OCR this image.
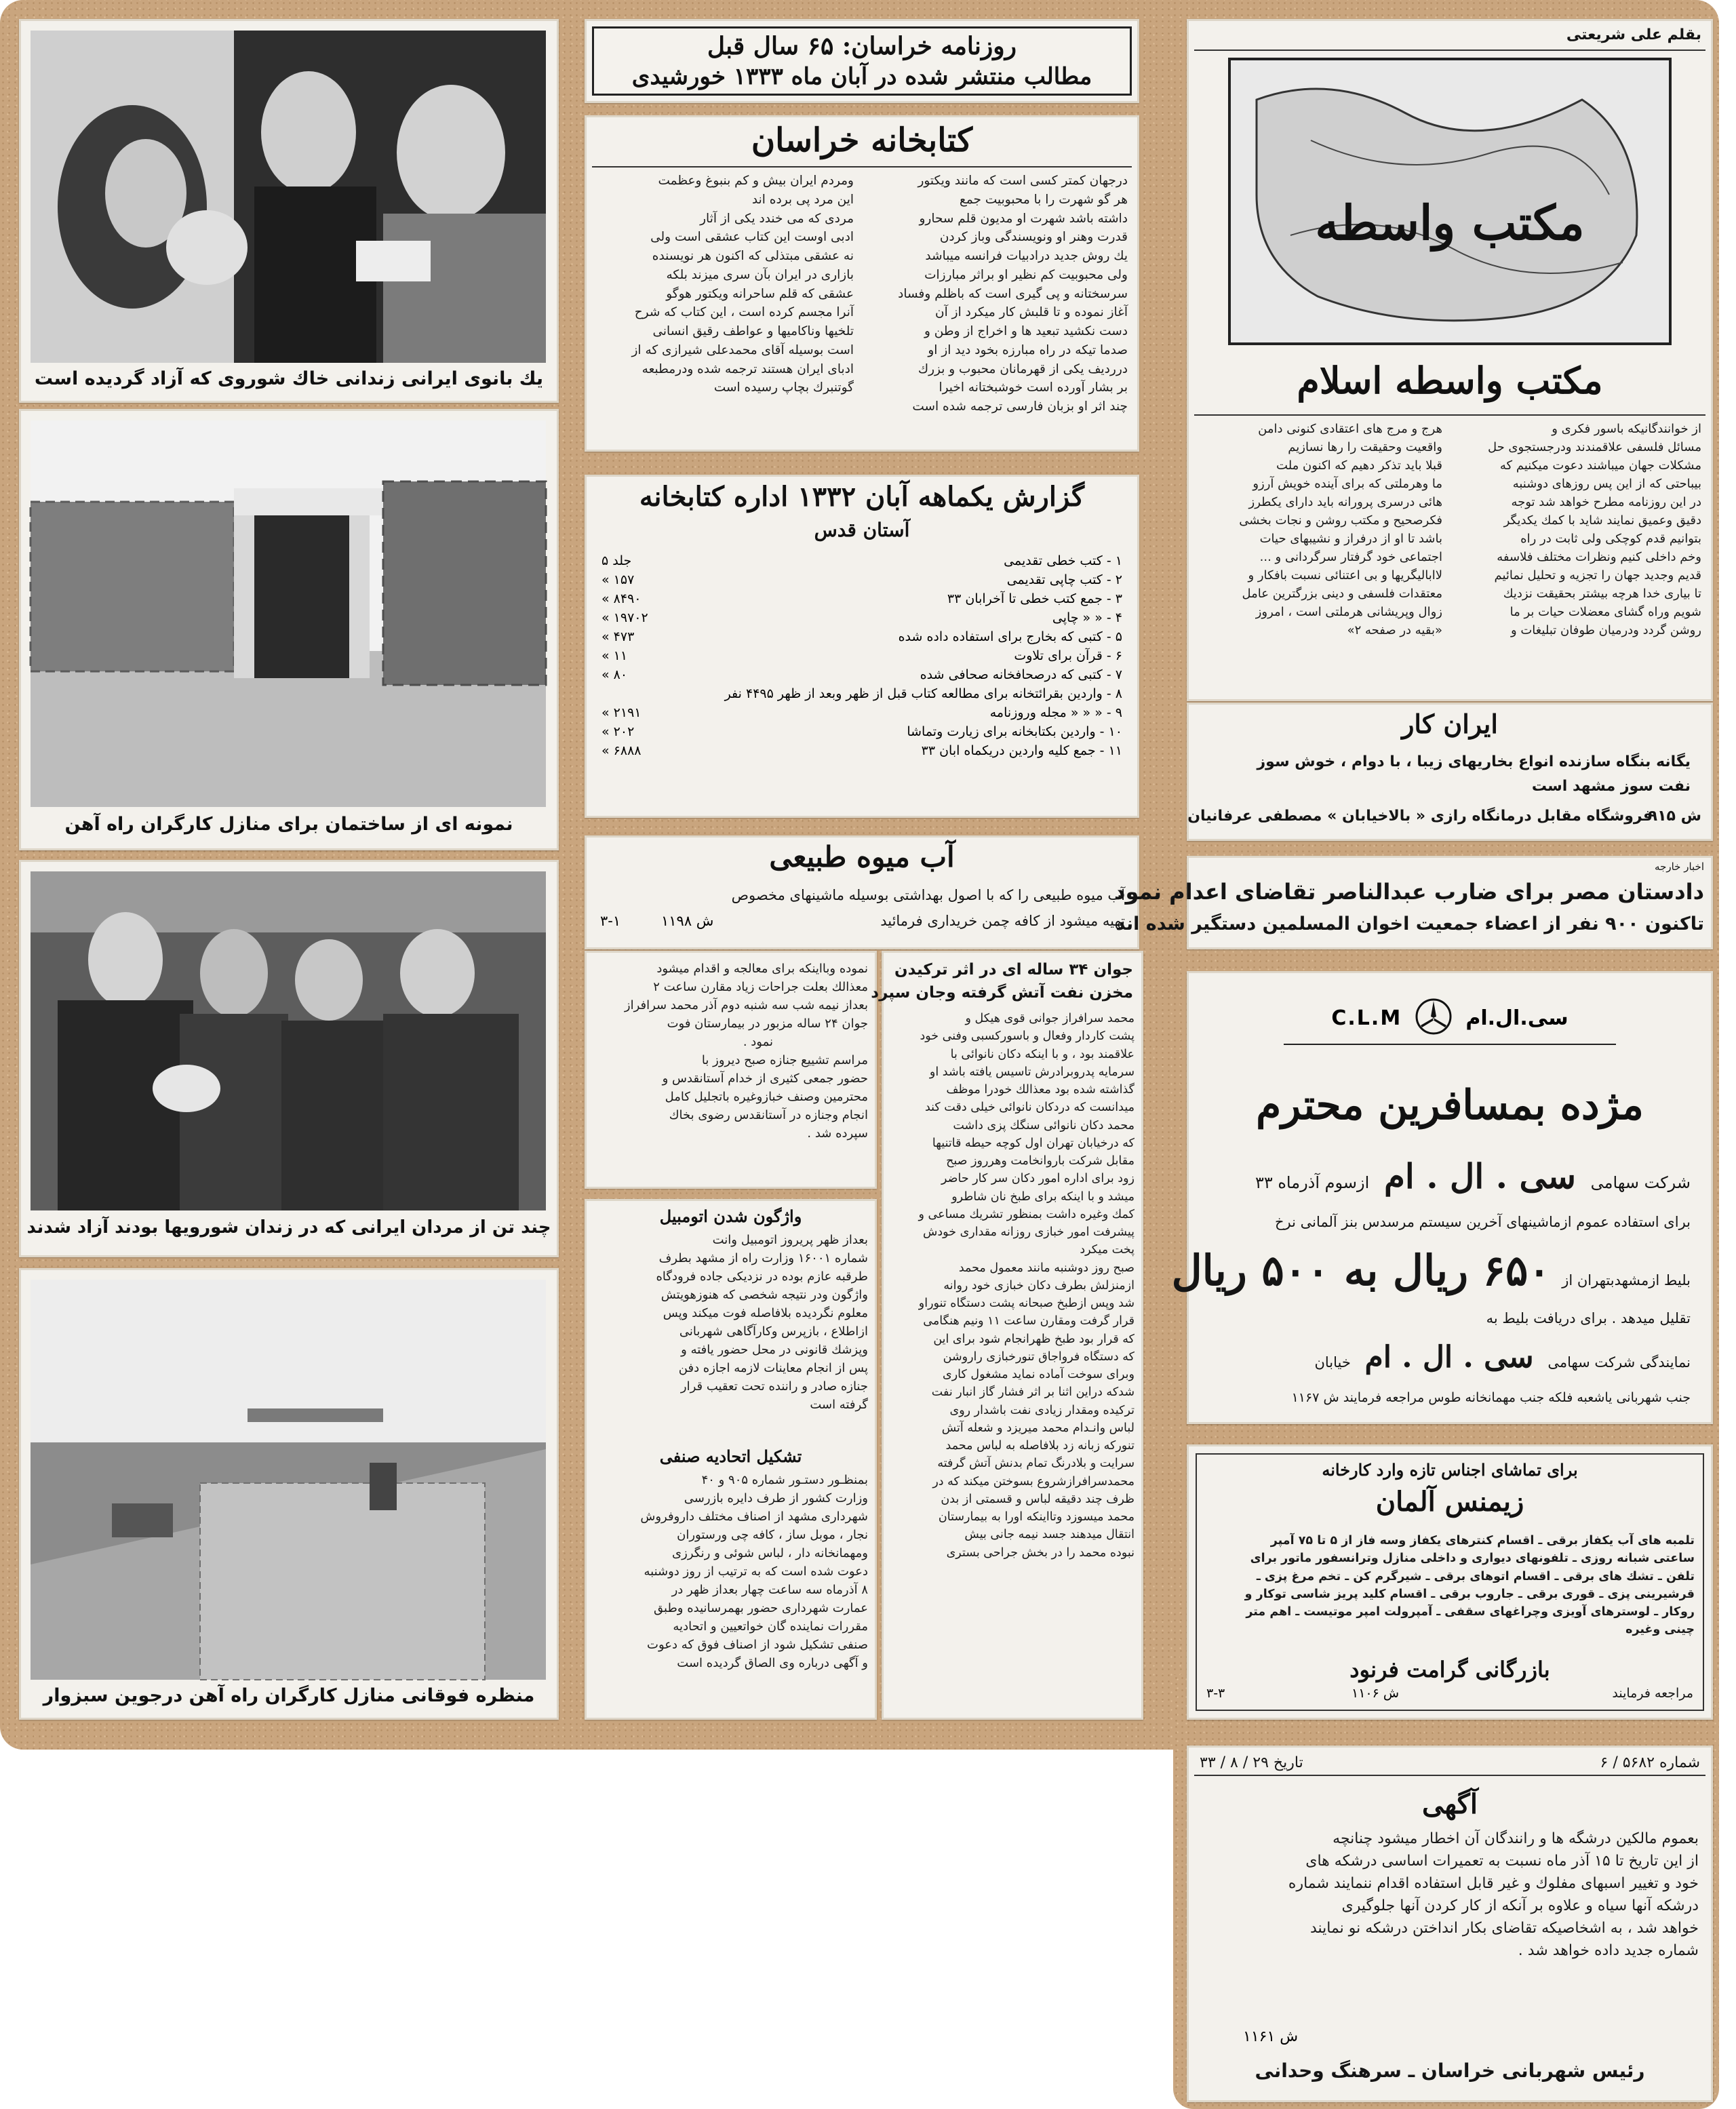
یك بانوی ایرانی زندانی خاك شوروی كه آزاد گردیده است
نمونه ای از ساختمان برای منازل كارگران راه آهن
چند تن از مردان ایرانی كه در زندان شورویها بودند آزاد شدند
منظره فوقانی منازل كارگران راه آهن درجوین سبزوار
روزنامه خراسان: ۶۵ سال قبل
مطالب منتشر شده در آبان ماه ۱۳۳۳ خورشیدی
كتابخانه خراسان
درجهان كمتر كسی است كه مانند ویكتور
هر گو شهرت را با محبوبیت جمع
داشته باشد شهرت او مدیون قلم سحارو
قدرت وهنر او ونویسندگی وباز كردن
یك روش جدید درادبیات فرانسه میباشد
ولی محبوبیت كم نظیر او براثر مبارزات
سرسختانه و پی گیری است كه باظلم وفساد
آغاز نموده و تا قلبش كار میكرد از آن
دست نكشید تبعید ها و اخراج از وطن و
صدما تیكه در راه مبارزه بخود دید از او
درردیف یكی از قهرمانان محبوب و بزرك
بر بشار آورده است خوشبختانه اخیرا
چند اثر او بزبان فارسی ترجمه شده است
ومردم ایران بیش و كم بنبوغ وعظمت
این مرد پی برده اند
مردی كه می خندد یكی از آثار
ادبی اوست این كتاب عشقی است ولی
نه عشقی مبتذلی كه اكنون هر نویسنده
بازاری در ایران بآن سری میزند بلكه
عشقی كه قلم ساحرانه ویكتور هوگو
آنرا مجسم كرده است ، این كتاب كه شرح
تلخیها وناكامیها و عواطف رقیق انسانی
است بوسیله آقای محمدعلی شیرازی كه از
ادبای ایران هستند ترجمه شده ودرمطبعه
گوتنبرك بچاپ رسیده است
گزارش یكماهه آبان ۱۳۳۲ اداره كتابخانه
آستان قدس
۱ - كتب خطی تقدیمی
۵ جلد
۲ - كتب چاپی تقدیمی
« ۱۵۷
۳ - جمع كتب خطی تا آخرابان ۳۳
« ۸۴۹۰
۴ - « « چاپی
« ۱۹۷۰۲
۵ - كتبی كه بخارج برای استفاده داده شده
« ۴۷۳
۶ - قرآن برای تلاوت
« ۱۱
۷ - كتبی كه درصحافخانه صحافی شده
« ۸۰
۸ - واردین بقرائتخانه برای مطالعه كتاب قبل از ظهر وبعد از ظهر ۴۴۹۵ نفر
۹ - « « « مجله وروزنامه
« ۲۱۹۱
۱۰ - واردین بكتابخانه برای زیارت وتماشا
« ۲۰۲
۱۱ - جمع كلیه واردین دریكماه ابان ۳۳
« ۶۸۸۸
آب میوه طبیعی
آب میوه طبیعی را كه با اصول بهداشتی بوسیله ماشینهای مخصوص
تهیه میشود از كافه چمن خریداری فرمائید
ش ۱۱۹۸
۳-۱
نموده وبااینكه برای معالجه و اقدام میشود
معذالك بعلت جراحات زیاد مقارن ساعت ۲
بعداز نیمه شب سه شنبه دوم آذر محمد سرافراز
جوان ۲۴ ساله مزبور در بیمارستان فوت
نمود .
مراسم تشییع جنازه صبح دیروز با
حضور جمعی كثیری از خدام آستانقدس و
محترمین وصنف خبازوغیره باتجلیل كامل
انجام وجنازه در آستانقدس رضوی بخاك
سپرده شد .
واژگون شدن اتومبیل
بعداز ظهر پریروز اتومبیل وانت
شماره ۱۶۰۰۱ وزارت راه از مشهد بطرف
طرقبه عازم بوده در نزدیكی جاده فرودگاه
واژگون ودر نتیجه شخصی كه هنوزهویتش
معلوم نگردیده بلافاصله فوت میكند وپس
ازاطلاع ، بازپرس وكارآگاهی شهربانی
وپزشك قانونی در محل حضور یافته و
پس از انجام معاینات لازمه اجازه دفن
جنازه صادر و راننده تحت تعقیب قرار
گرفته است
تشكیل اتحادیه صنفی
بمنظـور دستـور شماره ۹۰۵ و ۴۰
وزارت كشور از طرف دایره بازرسی
شهرداری مشهد از اصناف مختلف داروفروش
نجار ، موبل ساز ، كافه چی ورستوران
ومهمانخانه دار ، لباس شوئی و رنگرزی
دعوت شده است كه به ترتیب از روز دوشنبه
۸ آذرماه سه ساعت چهار بعداز ظهر در
عمارت شهرداری حضور بهمرسانیده وطبق
مقررات نماینده گان خواتعیین و اتحادیه
صنفی تشكیل شود از اصناف فوق كه دعوت
و آگهی درباره وی الصاق گردیده است
جوان ۳۴ ساله ای در اثر تركیدن
مخزن نفت آتش گرفته وجان سپرد
محمد سرافراز جوانی قوی هیكل و
پشت كاردار وفعال و باسوركسبی وفنی خود
علاقمند بود ، و با اینكه دكان نانوائی با
سرمایه پدروبرادرش تاسیس یافته باشد او
گذاشته شده بود معذالك خودرا موظف
میدانست كه دردكان نانوائی خیلی دقت كند
محمد دكان نانوائی سنگك پزی داشت
كه درخیابان تهران اول كوچه حیطه قاتنیها
مقابل شركت باروانخامت وهرروز صبح
زود برای اداره امور دكان سر كار حاضر
میشد و با اینكه برای طبخ نان شاطرو
كمك وغیره داشت بمنظور تشریك مساعی و
پیشرفت امور خبازی روزانه مقداری خودش
پخت میكرد
صبح روز دوشنبه مانند معمول محمد
ازمنزلش بطرف دكان خبازی خود روانه
شد وپس ازطبخ صبحانه پشت دستگاه تنوراو
قرار گرفت ومقارن ساعت ۱۱ ونیم هنگامی
كه قرار بود طبخ ظهرانجام شود برای این
كه دستگاه فرواجاق تنورخبازی راروشن
وبرای سوخت آماده نماید مشغول كاری
شدكه دراین اثنا بر اثر فشار گاز انبار نفت
تركیده ومقدار زیادی نفت باشدار روی
لباس وانـدام محمد میریزد و شعله آتش
تنوركه زبانه زد بلافاصله به لباس محمد
سرایت و بلادرنگ تمام بدنش آتش گرفته
محمدسرافرازشروع بسوختن میكند كه در
ظرف چند دقیقه لباس و قسمتی از بدن
محمد میسوزد وتااینكه اورا به بیمارستان
انتقال میدهند جسد نیمه جانی بیش
نبوده محمد را در بخش جراحی بستری
بقلم علی شریعتی
مكتب واسطه
مكتب واسطه اسلام
از خوانندگانیكه باسور فكری و
مسائل فلسفی علاقمندند ودرجستجوی حل
مشكلات جهان میباشند دعوت میكنیم كه
بیباحتی كه از این پس روزهای دوشنبه
در این روزنامه مطرح خواهد شد توجه
دقیق وعمیق نمایند شاید با كمك یكدیگر
بتوانیم قدم كوچكی ولی ثابت در راه
وخم داخلی كنیم ونظرات مختلف فلاسفه
قدیم وجدید جهان را تجزیه و تحلیل نمائیم
تا بیاری خدا هرچه بیشتر بحقیقت نزدیك
شویم وراه گشای معضلات حیات بر ما
روشن گردد ودرمیان طوفان تبلیغات و
هرج و مرج های اعتقادی كنونی دامن
واقعیت وحقیقت را رها نسازیم
قبلا باید تذكر دهیم كه اكنون ملت
ما وهرملتی كه برای آینده خویش آرزو
هائی درسری پرورانه باید دارای یكطرز
فكرصحیح و مكتب روشن و نجات بخشی
باشد تا او از درفراز و نشیبهای حیات
اجتماعی خود گرفتار سرگردانی و ...
لاابالیگریها و بی اعتنائی نسبت بافكار و
معتقدات فلسفی و دینی بزرگترین عامل
زوال وپریشانی هرملتی است ، امروز
«بقیه در صفحه ۲»
ایران كار
یگانه بنگاه سازنده انواع بخاریهای زیبا ، با دوام ، خوش سوز
نفت سوز مشهد است
فروشگاه مقابل درمانگاه رازی « بالاخیابان » مصطفی عرفانیان
ش ۹۱۵
اخبار خارجه
دادستان مصر برای ضارب عبدالناصر تقاضای اعدام نمود
تاكنون ۹۰۰ نفر از اعضاء جمعیت اخوان المسلمین دستگیر شده اند
C.L.M	سی.ال.ام
مژده بمسافرین محترم
شركت سهامی سی . ال . ام ازسوم آذرماه ۳۳
برای استفاده عموم ازماشینهای آخرین سیستم مرسدس بنز آلمانی نرخ
بلیط ازمشهدبتهران از ۶۵۰ ریال به ۵۰۰ ریال
تقلیل میدهد . برای دریافت بلیط به
نمایندگی شركت سهامی سی . ال . ام خیابان
جنب شهربانی یاشعبه فلكه جنب مهمانخانه طوس مراجعه فرمایند ش ۱۱۶۷
برای تماشای اجناس تازه وارد كارخانه
زیمنس آلمان
تلمبه های آب یكفاز برقی ـ اقسام كنترهای یكفاز وسه فاز از ۵ تا ۷۵ آمپر
ساعتی شبانه روزی ـ تلفونهای دیواری و داخلی منازل وترانسفور ماتور برای
تلفن ـ تشك های برقی ـ اقسام اتوهای برقی ـ شیرگرم كن ـ تخم مرغ پزی ـ
قرشیرینی پزی ـ قوری برقی ـ جاروب برقی ـ اقسام كلید پریز شاسی توكار و
روكار ـ لوسترهای آویزی وچراغهای سقفی ـ آمپرولت امپر موتیست ـ اهم متر
چینی وغیره
بازرگانی گرامت فرنود
مراجعه فرمایند
ش ۱۱۰۶
۳-۳
شماره ۵۶۸۲ / ۶
تاریخ ۲۹ / ۸ / ۳۳
آگهی
بعموم مالكین درشگه ها و رانندگان آن اخطار میشود چنانچه
از این تاریخ تا ۱۵ آذر ماه نسبت به تعمیرات اساسی درشكه های
خود و تغییر اسبهای مفلوك و غیر قابل استفاده اقدام ننمایند شماره
درشكه آنها سیاه و علاوه بر آنكه از كار كردن آنها جلوگیری
خواهد شد ، به اشخاصیكه تقاضای بكار انداختن درشكه نو نمایند
شماره جدید داده خواهد شد .
ش ۱۱۶۱
رئیس شهربانی خراسان ـ سرهنگ وحدانی
